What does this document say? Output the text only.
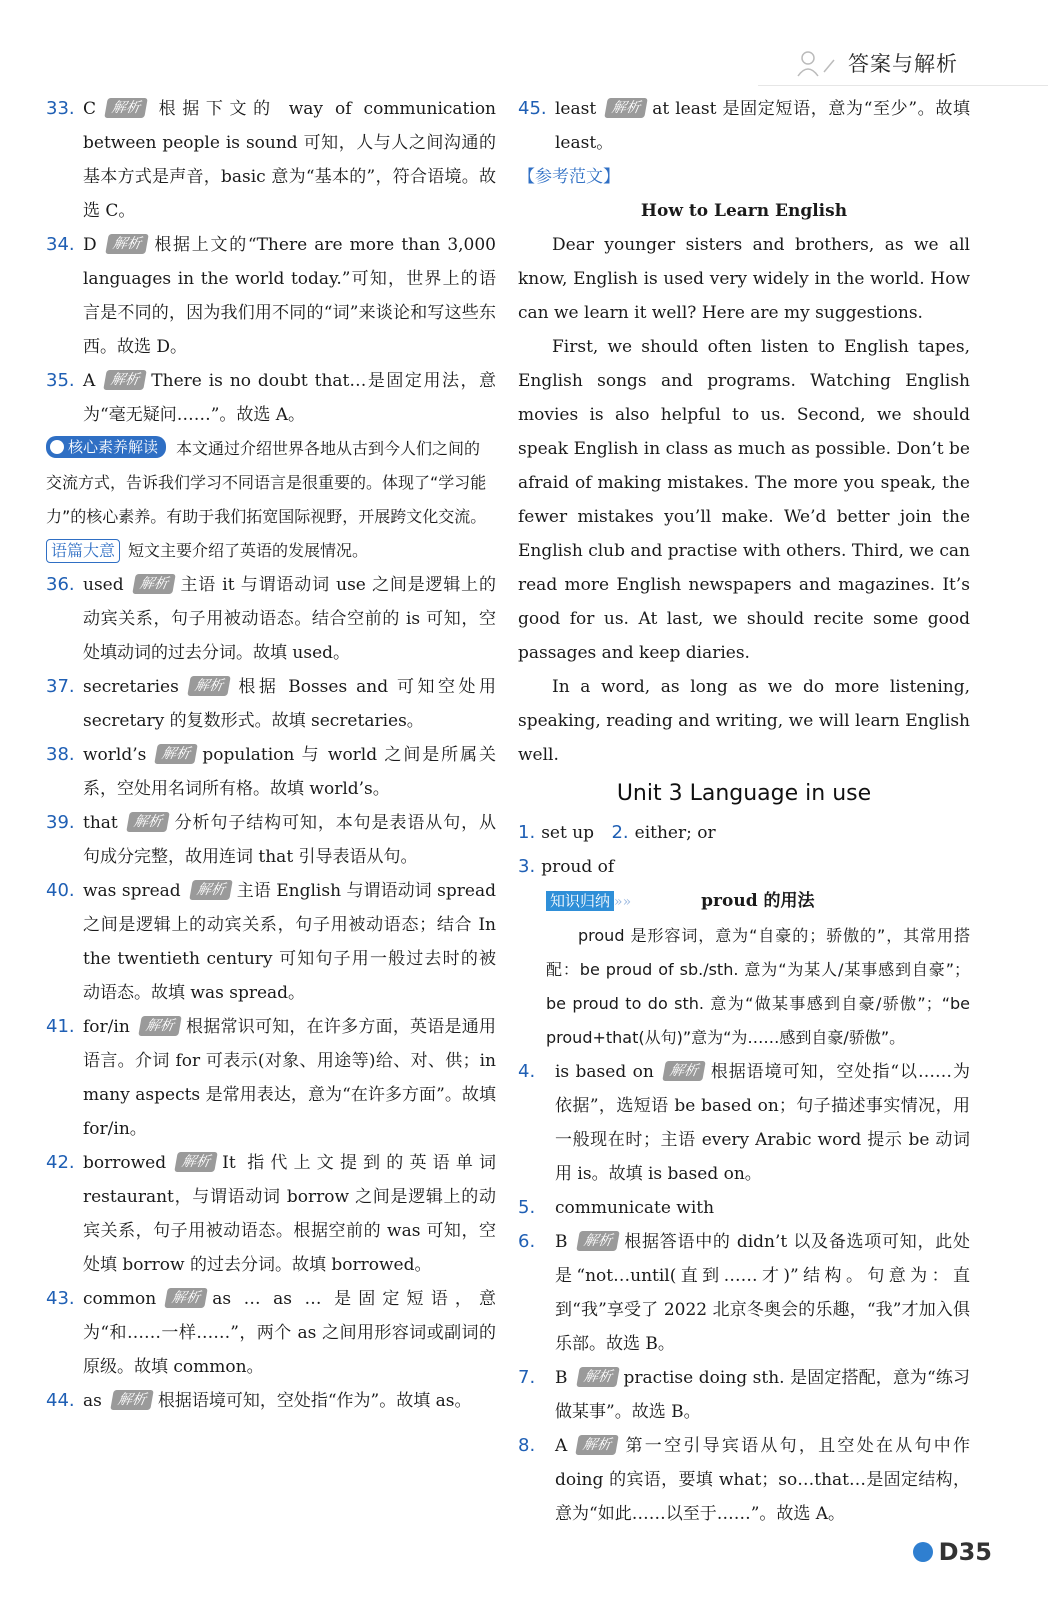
答案与解析
33. C 解析 根据下文的 way of communication between people is sound 可知，人与人之间沟通的基本方式是声音，basic 意为“基本的”，符合语境。故选 C。
34. D 解析 根据上文的“There are more than 3,000 languages in the world today.”可知，世界上的语言是不同的，因为我们用不同的“词”来谈论和写这些东西。故选 D。
35. A 解析 There is no doubt that…是固定用法，意为“毫无疑问……”。故选 A。
核心素养解读 本文通过介绍世界各地从古到今人们之间的交流方式，告诉我们学习不同语言是很重要的。体现了“学习能力”的核心素养。有助于我们拓宽国际视野，开展跨文化交流。
语篇大意 短文主要介绍了英语的发展情况。
36. used 解析 主语 it 与谓语动词 use 之间是逻辑上的动宾关系，句子用被动语态。结合空前的 is 可知，空处填动词的过去分词。故填 used。
37. secretaries 解析 根据 Bosses and 可知空处用 secretary 的复数形式。故填 secretaries。
38. world’s 解析 population 与 world 之间是所属关系，空处用名词所有格。故填 world’s。
39. that 解析 分析句子结构可知，本句是表语从句，从句成分完整，故用连词 that 引导表语从句。
40. was spread 解析 主语 English 与谓语动词 spread 之间是逻辑上的动宾关系，句子用被动语态；结合 In the twentieth century 可知句子用一般过去时的被动语态。故填 was spread。
41. for/in 解析 根据常识可知，在许多方面，英语是通用语言。介词 for 可表示(对象、用途等)给、对、供；in many aspects 是常用表达，意为“在许多方面”。故填 for/in。
42. borrowed 解析 It 指代上文提到的英语单词 restaurant，与谓语动词 borrow 之间是逻辑上的动宾关系，句子用被动语态。根据空前的 was 可知，空处填 borrow 的过去分词。故填 borrowed。
43. common 解析 as … as … 是固定短语，意为“和……一样……”，两个 as 之间用形容词或副词的原级。故填 common。
44. as 解析 根据语境可知，空处指“作为”。故填 as。
45. least 解析 at least 是固定短语，意为“至少”。故填 least。
【参考范文】
How to Learn English
Dear younger sisters and brothers, as we all know, English is used very widely in the world. How can we learn it well? Here are my suggestions.
First, we should often listen to English tapes, English songs and programs. Watching English movies is also helpful to us. Second, we should speak English in class as much as possible. Don’t be afraid of making mistakes. The more you speak, the fewer mistakes you’ll make. We’d better join the English club and practise with others. Third, we can read more English newspapers and magazines. It’s good for us. At last, we should recite some good passages and keep diaries.
In a word, as long as we do more listening, speaking, reading and writing, we will learn English well.
Unit 3 Language in use
1. set up 2. either; or
3. proud of
知识归纳 »»	proud 的用法
proud 是形容词，意为“自豪的；骄傲的”，其常用搭配：be proud of sb./sth. 意为“为某人/某事感到自豪”；be proud to do sth. 意为“做某事感到自豪/骄傲”；“be proud+that(从句)”意为“为……感到自豪/骄傲”。
4. is based on 解析 根据语境可知，空处指“以……为依据”，选短语 be based on；句子描述事实情况，用一般现在时；主语 every Arabic word 提示 be 动词用 is。故填 is based on。
5. communicate with
6. B 解析 根据答语中的 didn’t 以及备选项可知，此处是“not…until(直到……才)”结构。句意为：直到“我”享受了 2022 北京冬奥会的乐趣，“我”才加入俱乐部。故选 B。
7. B 解析 practise doing sth. 是固定搭配，意为“练习做某事”。故选 B。
8. A 解析 第一空引导宾语从句，且空处在从句中作 doing 的宾语，要填 what；so…that…是固定结构，意为“如此……以至于……”。故选 A。
D35
